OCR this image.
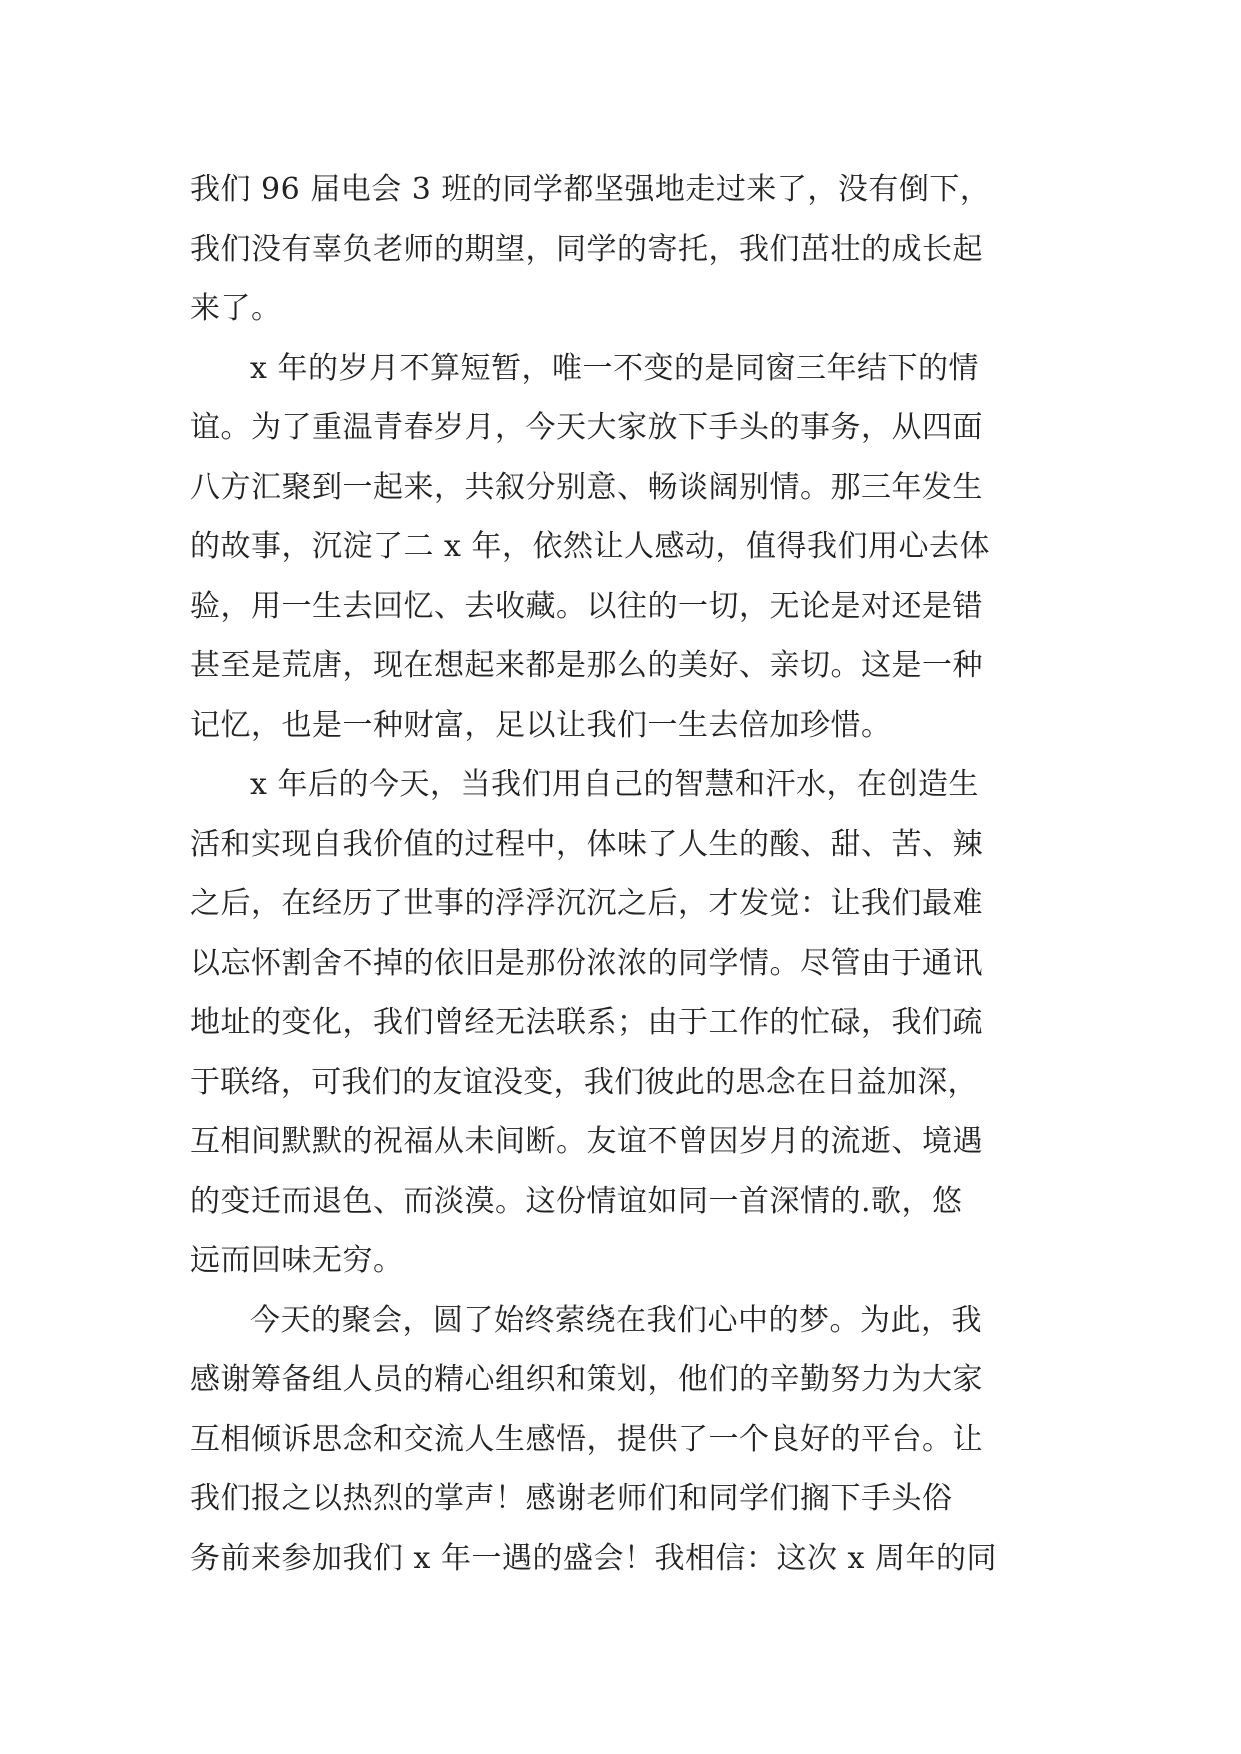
我们 96 届电会 3 班的同学都坚强地走过来了，没有倒下，
我们没有辜负老师的期望，同学的寄托，我们茁壮的成长起
来了。
x 年的岁月不算短暂，唯一不变的是同窗三年结下的情
谊。为了重温青春岁月，今天大家放下手头的事务，从四面
八方汇聚到一起来，共叙分别意、畅谈阔别情。那三年发生
的故事，沉淀了二 x 年，依然让人感动，值得我们用心去体
验，用一生去回忆、去收藏。以往的一切，无论是对还是错
甚至是荒唐，现在想起来都是那么的美好、亲切。这是一种
记忆，也是一种财富，足以让我们一生去倍加珍惜。
x 年后的今天，当我们用自己的智慧和汗水，在创造生
活和实现自我价值的过程中，体味了人生的酸、甜、苦、辣
之后，在经历了世事的浮浮沉沉之后，才发觉：让我们最难
以忘怀割舍不掉的依旧是那份浓浓的同学情。尽管由于通讯
地址的变化，我们曾经无法联系；由于工作的忙碌，我们疏
于联络，可我们的友谊没变，我们彼此的思念在日益加深，
互相间默默的祝福从未间断。友谊不曾因岁月的流逝、境遇
的变迁而退色、而淡漠。这份情谊如同一首深情的.歌，悠
远而回味无穷。
今天的聚会，圆了始终萦绕在我们心中的梦。为此，我
感谢筹备组人员的精心组织和策划，他们的辛勤努力为大家
互相倾诉思念和交流人生感悟，提供了一个良好的平台。让
我们报之以热烈的掌声！感谢老师们和同学们搁下手头俗
务前来参加我们 x 年一遇的盛会！我相信：这次 x 周年的同
